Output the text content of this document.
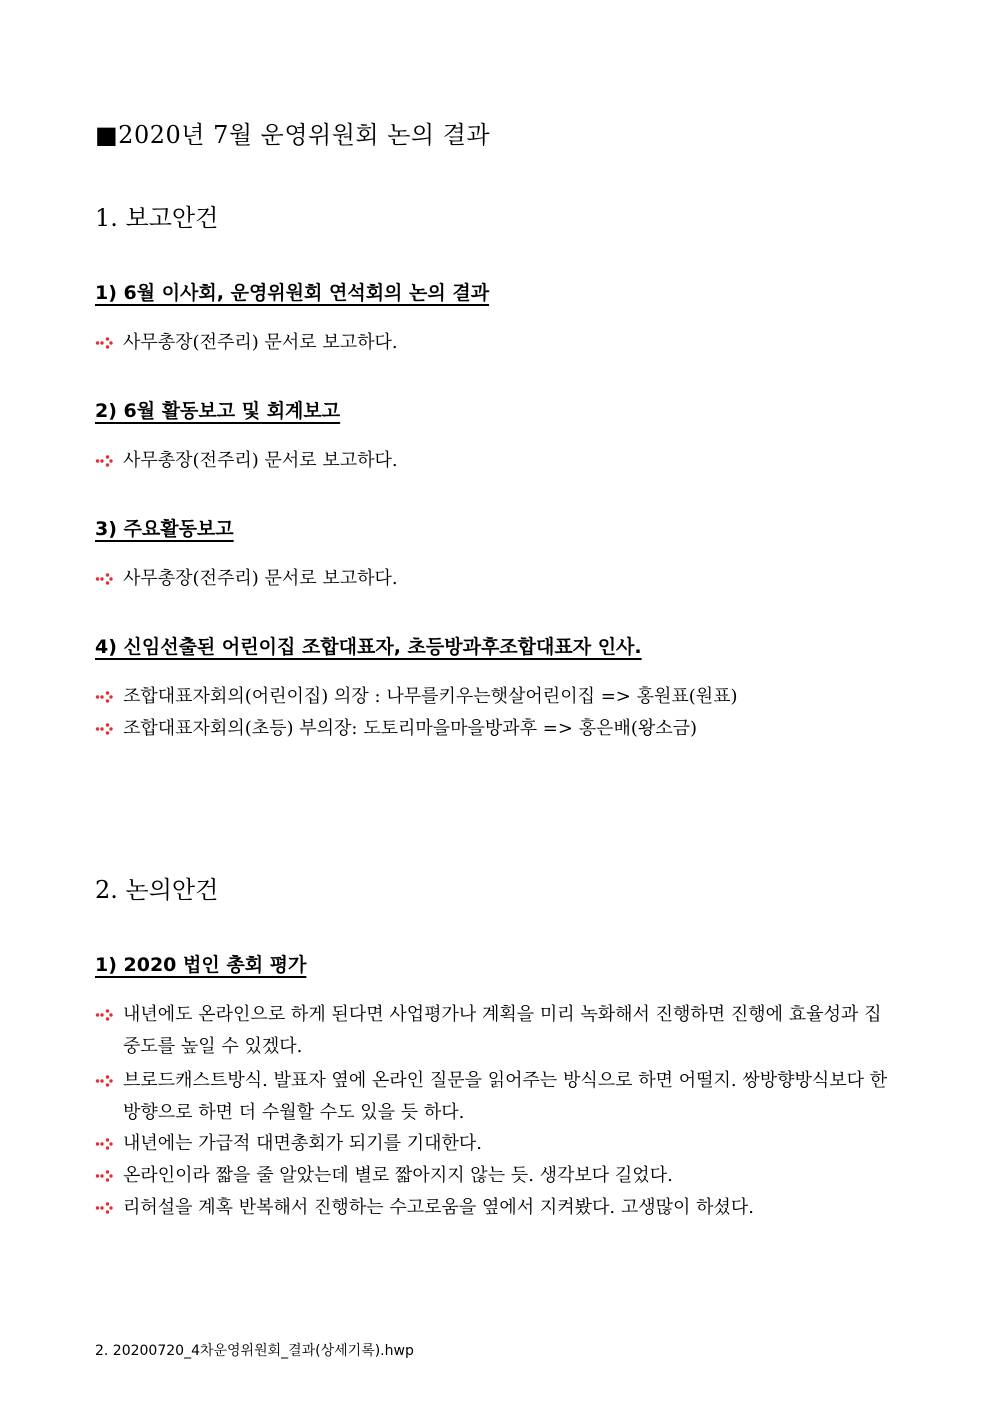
■2020년 7월 운영위원회 논의 결과
1. 보고안건
1) 6월 이사회, 운영위원회 연석회의 논의 결과
사무총장(전주리) 문서로 보고하다.
2) 6월 활동보고 및 회계보고
사무총장(전주리) 문서로 보고하다.
3) 주요활동보고
사무총장(전주리) 문서로 보고하다.
4) 신임선출된 어린이집 조합대표자, 초등방과후조합대표자 인사.
조합대표자회의(어린이집) 의장 : 나무를키우는햇살어린이집 => 홍원표(원표)
조합대표자회의(초등) 부의장: 도토리마을마을방과후 => 홍은배(왕소금)
2. 논의안건
1) 2020 법인 총회 평가
내년에도 온라인으로 하게 된다면 사업평가나 계획을 미리 녹화해서 진행하면 진행에 효율성과 집중도를 높일 수 있겠다.
브로드캐스트방식. 발표자 옆에 온라인 질문을 읽어주는 방식으로 하면 어떨지. 쌍방향방식보다 한방향으로 하면 더 수월할 수도 있을 듯 하다.
내년에는 가급적 대면총회가 되기를 기대한다.
온라인이라 짧을 줄 알았는데 별로 짧아지지 않는 듯. 생각보다 길었다.
리허설을 계혹 반복해서 진행하는 수고로움을 옆에서 지켜봤다. 고생많이 하셨다.
2. 20200720_4차운영위원회_결과(상세기록).hwp
